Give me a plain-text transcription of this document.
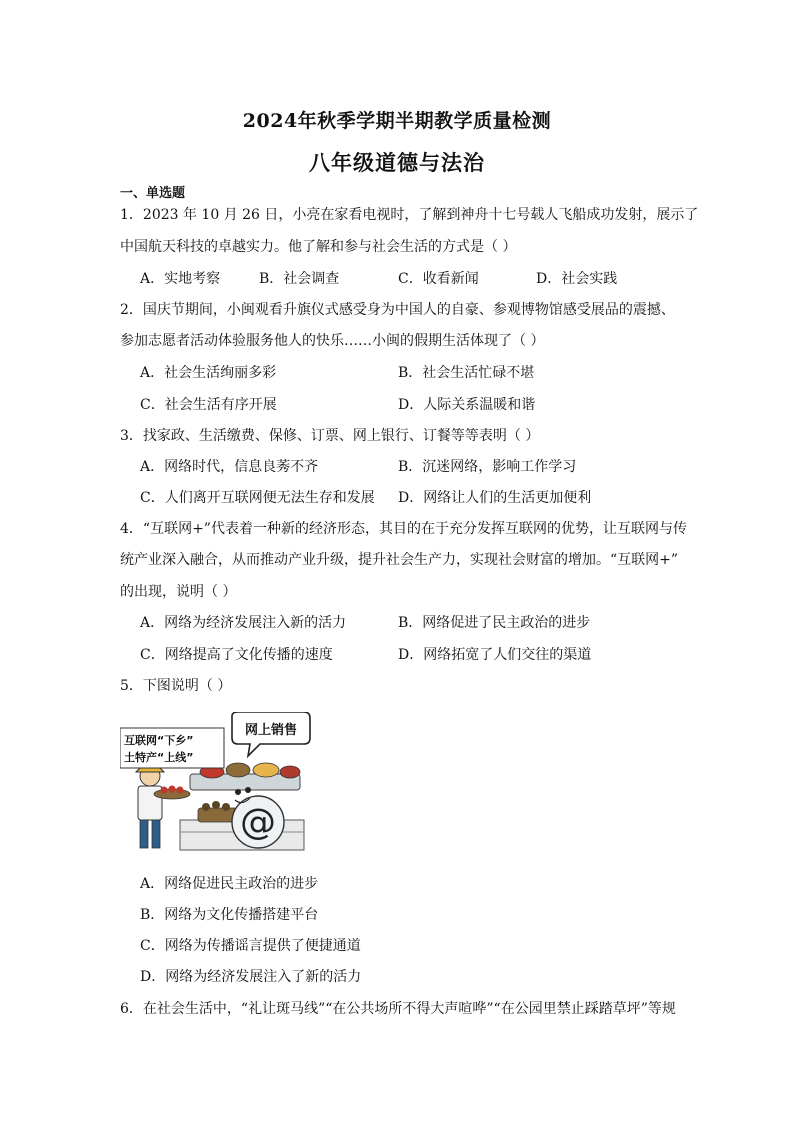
2024年秋季学期半期教学质量检测
八年级道德与法治
一、单选题
1．2023 年 10 月 26 日，小亮在家看电视时，了解到神舟十七号载人飞船成功发射，展示了
中国航天科技的卓越实力。他了解和参与社会生活的方式是（ ）
A．实地考察	B．社会调查	C．收看新闻	D．社会实践
2．国庆节期间，小闽观看升旗仪式感受身为中国人的自豪、参观博物馆感受展品的震撼、
参加志愿者活动体验服务他人的快乐……小闽的假期生活体现了（ ）
A．社会生活绚丽多彩	B．社会生活忙碌不堪
C．社会生活有序开展	D．人际关系温暖和谐
3．找家政、生活缴费、保修、订票、网上银行、订餐等等表明（ ）
A．网络时代，信息良莠不齐	B．沉迷网络，影响工作学习
C．人们离开互联网便无法生存和发展 D．网络让人们的生活更加便利
4．“互联网+”代表着一种新的经济形态，其目的在于充分发挥互联网的优势，让互联网与传
统产业深入融合，从而推动产业升级，提升社会生产力，实现社会财富的增加。“互联网+”
的出现，说明（ ）
A．网络为经济发展注入新的活力	B．网络促进了民主政治的进步
C．网络提高了文化传播的速度	D．网络拓宽了人们交往的渠道
5．下图说明（ ）
@
互联网“下乡”
土特产“上线”
网上销售
A．网络促进民主政治的进步
B．网络为文化传播搭建平台
C．网络为传播谣言提供了便捷通道
D．网络为经济发展注入了新的活力
6．在社会生活中，“礼让斑马线”“在公共场所不得大声喧哗”“在公园里禁止踩踏草坪”等规
